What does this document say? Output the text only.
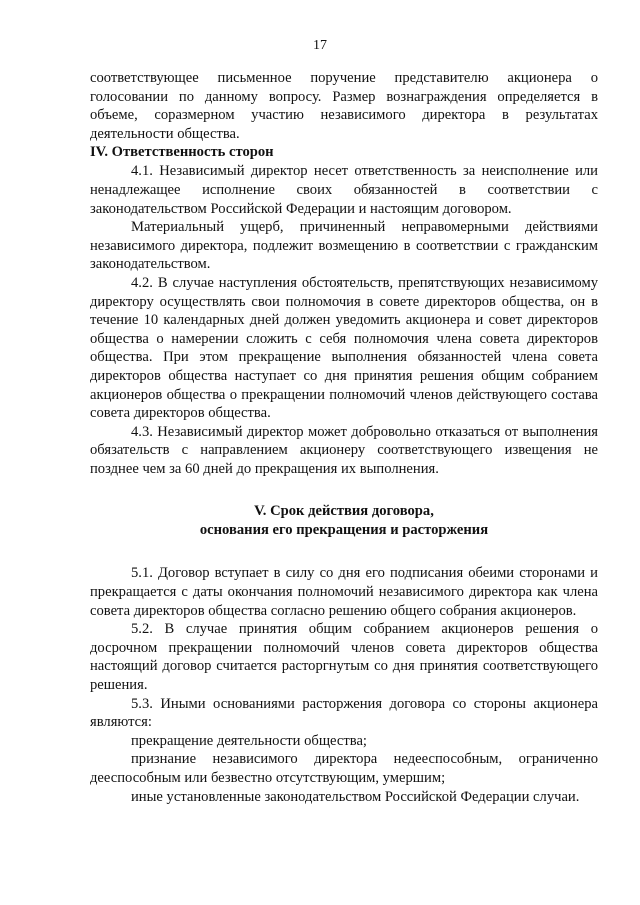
17

соответствующее письменное поручение представителю акционера о голосовании по данному вопросу. Размер вознаграждения определяется в объеме, соразмерном участию независимого директора в результатах деятельности общества.

IV. Ответственность сторон

4.1. Независимый директор несет ответственность за неисполнение или ненадлежащее исполнение своих обязанностей в соответствии с законодательством Российской Федерации и настоящим договором.

Материальный ущерб, причиненный неправомерными действиями независимого директора, подлежит возмещению в соответствии с гражданским законодательством.

4.2. В случае наступления обстоятельств, препятствующих независимому директору осуществлять свои полномочия в совете директоров общества, он в течение 10 календарных дней должен уведомить акционера и совет директоров общества о намерении сложить с себя полномочия члена совета директоров общества. При этом прекращение выполнения обязанностей члена совета директоров общества наступает со дня принятия решения общим собранием акционеров общества о прекращении полномочий членов действующего состава совета директоров общества.

4.3. Независимый директор может добровольно отказаться от выполнения обязательств с направлением акционеру соответствующего извещения не позднее чем за 60 дней до прекращения их выполнения.

V. Срок действия договора,
основания его прекращения и расторжения

5.1. Договор вступает в силу со дня его подписания обеими сторонами и прекращается с даты окончания полномочий независимого директора как члена совета директоров общества согласно решению общего собрания акционеров.

5.2. В случае принятия общим собранием акционеров решения о досрочном прекращении полномочий членов совета директоров общества настоящий договор считается расторгнутым со дня принятия соответствующего решения.

5.3. Иными основаниями расторжения договора со стороны акционера являются:

прекращение деятельности общества;

признание независимого директора недееспособным, ограниченно дееспособным или безвестно отсутствующим, умершим;

иные установленные законодательством Российской Федерации случаи.
